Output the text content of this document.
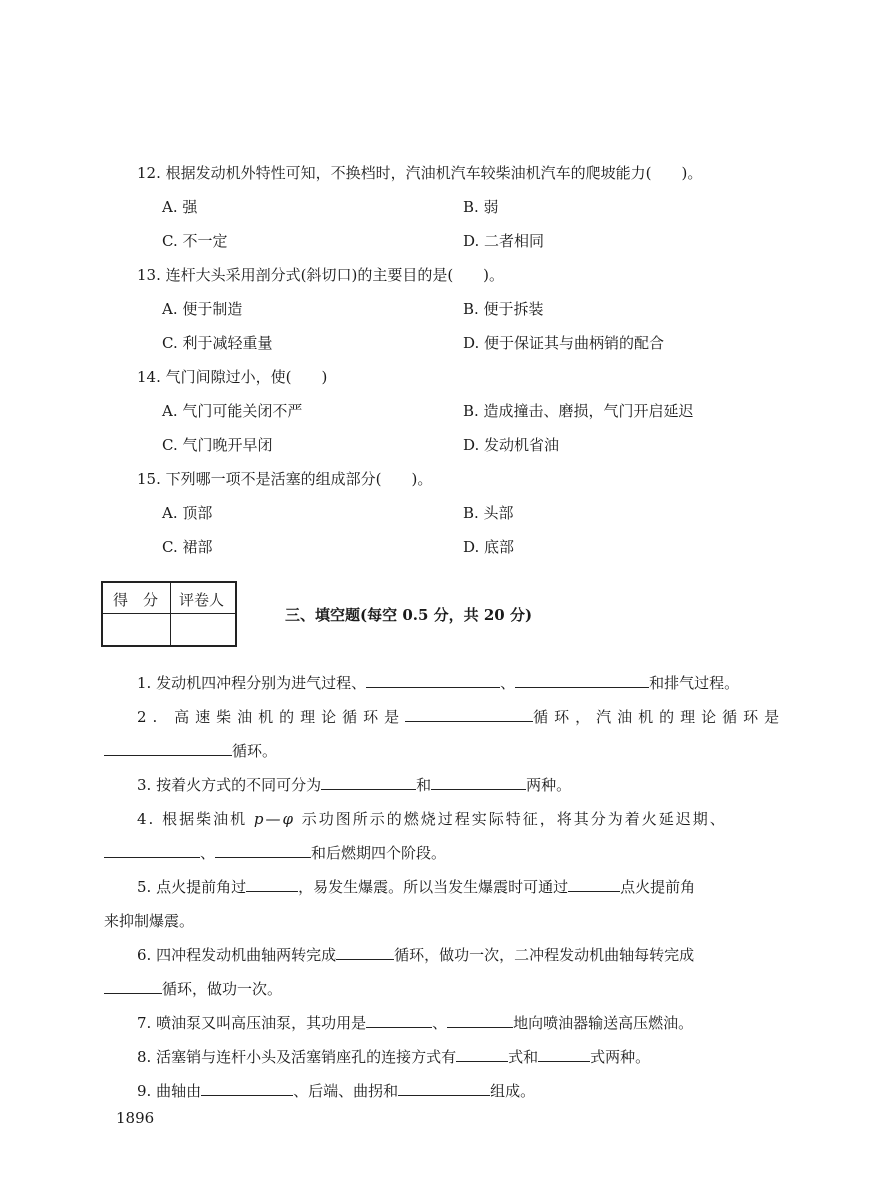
12. 根据发动机外特性可知，不换档时，汽油机汽车较柴油机汽车的爬坡能力(　　)。
A. 强	B. 弱
C. 不一定	D. 二者相同
13. 连杆大头采用剖分式(斜切口)的主要目的是(　　)。
A. 便于制造	B. 便于拆装
C. 利于减轻重量	D. 便于保证其与曲柄销的配合
14. 气门间隙过小，使(　　)
A. 气门可能关闭不严	B. 造成撞击、磨损，气门开启延迟
C. 气门晚开早闭	D. 发动机省油
15. 下列哪一项不是活塞的组成部分(　　)。
A. 顶部	B. 头部
C. 裙部	D. 底部
得　分 评卷人
三、填空题(每空 0.5 分，共 20 分)
1. 发动机四冲程分别为进气过程、	、	和排气过程。
2. 高速柴油机的理论循环是	循环，汽油机的理论循环是
循环。
3. 按着火方式的不同可分为	和	两种。
4. 根据柴油机 p—φ 示功图所示的燃烧过程实际特征，将其分为着火延迟期、
、	和后燃期四个阶段。
5. 点火提前角过	，易发生爆震。所以当发生爆震时可通过	点火提前角
来抑制爆震。
6. 四冲程发动机曲轴两转完成	循环，做功一次，二冲程发动机曲轴每转完成
循环，做功一次。
7. 喷油泵又叫高压油泵，其功用是	、	地向喷油器输送高压燃油。
8. 活塞销与连杆小头及活塞销座孔的连接方式有	式和	式两种。
9. 曲轴由	、后端、曲拐和	组成。
1896
